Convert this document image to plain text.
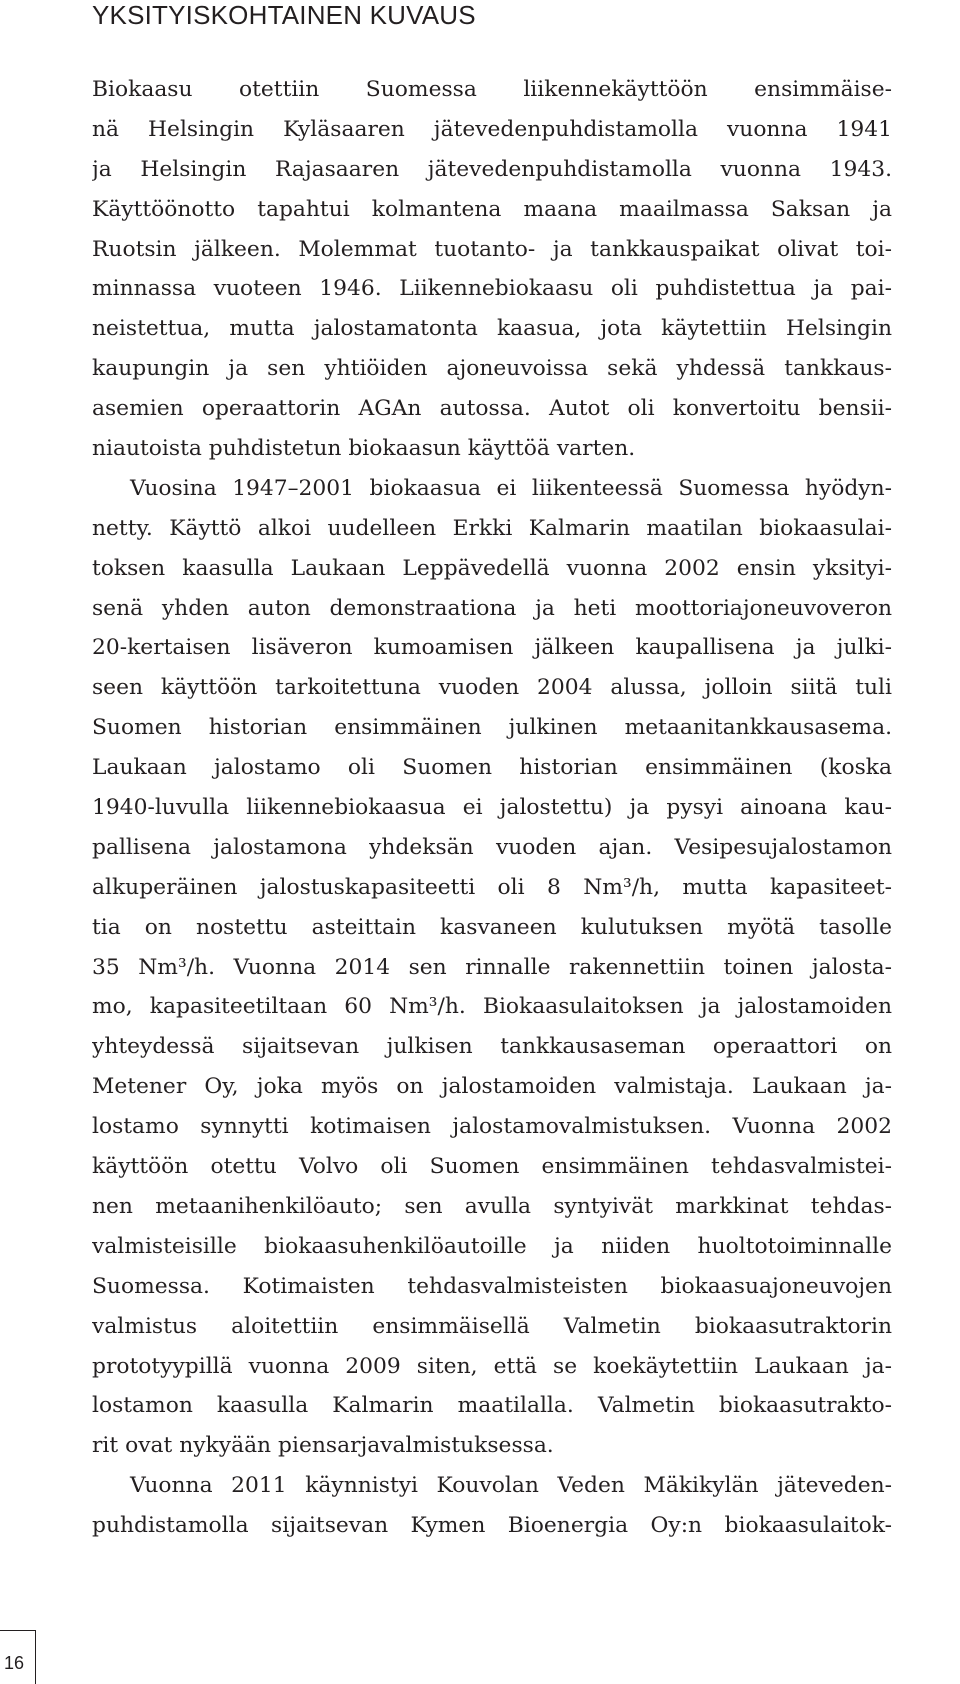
YKSITYISKOHTAINEN KUVAUS
Biokaasu otettiin Suomessa liikennekäyttöön ensimmäise-
nä Helsingin Kyläsaaren jätevedenpuhdistamolla vuonna 1941
ja Helsingin Rajasaaren jätevedenpuhdistamolla vuonna 1943.
Käyttöönotto tapahtui kolmantena maana maailmassa Saksan ja
Ruotsin jälkeen. Molemmat tuotanto- ja tankkauspaikat olivat toi-
minnassa vuoteen 1946. Liikennebiokaasu oli puhdistettua ja pai-
neistettua, mutta jalostamatonta kaasua, jota käytettiin Helsingin
kaupungin ja sen yhtiöiden ajoneuvoissa sekä yhdessä tankkaus-
asemien operaattorin AGAn autossa. Autot oli konvertoitu bensii-
niautoista puhdistetun biokaasun käyttöä varten.
Vuosina 1947–2001 biokaasua ei liikenteessä Suomessa hyödyn-
netty. Käyttö alkoi uudelleen Erkki Kalmarin maatilan biokaasulai-
toksen kaasulla Laukaan Leppävedellä vuonna 2002 ensin yksityi-
senä yhden auton demonstraationa ja heti moottoriajoneuvoveron
20-kertaisen lisäveron kumoamisen jälkeen kaupallisena ja julki-
seen käyttöön tarkoitettuna vuoden 2004 alussa, jolloin siitä tuli
Suomen historian ensimmäinen julkinen metaanitankkausasema.
Laukaan jalostamo oli Suomen historian ensimmäinen (koska
1940-luvulla liikennebiokaasua ei jalostettu) ja pysyi ainoana kau-
pallisena jalostamona yhdeksän vuoden ajan. Vesipesujalostamon
alkuperäinen jalostuskapasiteetti oli 8 Nm³/h, mutta kapasiteet-
tia on nostettu asteittain kasvaneen kulutuksen myötä tasolle
35 Nm³/h. Vuonna 2014 sen rinnalle rakennettiin toinen jalosta-
mo, kapasiteetiltaan 60 Nm³/h. Biokaasulaitoksen ja jalostamoiden
yhteydessä sijaitsevan julkisen tankkausaseman operaattori on
Metener Oy, joka myös on jalostamoiden valmistaja. Laukaan ja-
lostamo synnytti kotimaisen jalostamovalmistuksen. Vuonna 2002
käyttöön otettu Volvo oli Suomen ensimmäinen tehdasvalmistei-
nen metaanihenkilöauto; sen avulla syntyivät markkinat tehdas-
valmisteisille biokaasuhenkilöautoille ja niiden huoltotoiminnalle
Suomessa. Kotimaisten tehdasvalmisteisten biokaasuajoneuvojen
valmistus aloitettiin ensimmäisellä Valmetin biokaasutraktorin
prototyypillä vuonna 2009 siten, että se koekäytettiin Laukaan ja-
lostamon kaasulla Kalmarin maatilalla. Valmetin biokaasutrakto-
rit ovat nykyään piensarjavalmistuksessa.
Vuonna 2011 käynnistyi Kouvolan Veden Mäkikylän jäteveden-
puhdistamolla sijaitsevan Kymen Bioenergia Oy:n biokaasulaitok-
16
